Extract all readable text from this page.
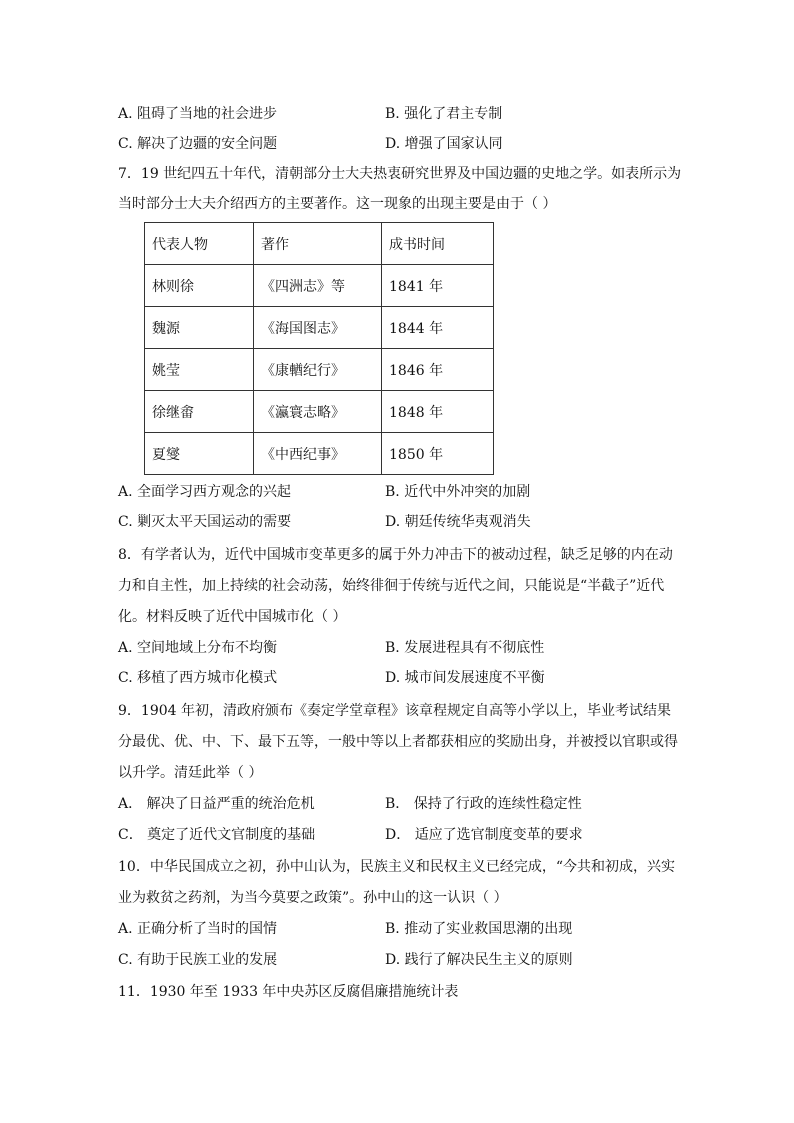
A. 阻碍了当地的社会进步	B. 强化了君主专制
C. 解决了边疆的安全问题	D. 增强了国家认同
7．19 世纪四五十年代，清朝部分士大夫热衷研究世界及中国边疆的史地之学。如表所示为
当时部分士大夫介绍西方的主要著作。这一现象的出现主要是由于（ ）
代表人物	著作	成书时间
林则徐	《四洲志》等	1841 年
魏源	《海国图志》	1844 年
姚莹	《康輶纪行》	1846 年
徐继畬	《瀛寰志略》	1848 年
夏燮	《中西纪事》	1850 年
A. 全面学习西方观念的兴起	B. 近代中外冲突的加剧
C. 剿灭太平天国运动的需要	D. 朝廷传统华夷观消失
8．有学者认为，近代中国城市变革更多的属于外力冲击下的被动过程，缺乏足够的内在动
力和自主性，加上持续的社会动荡，始终徘徊于传统与近代之间，只能说是“半截子”近代
化。材料反映了近代中国城市化（ ）
A. 空间地域上分布不均衡	B. 发展进程具有不彻底性
C. 移植了西方城市化模式	D. 城市间发展速度不平衡
9．1904 年初，清政府颁布《奏定学堂章程》该章程规定自高等小学以上，毕业考试结果
分最优、优、中、下、最下五等，一般中等以上者都获相应的奖励出身，并被授以官职或得
以升学。清廷此举（ ）
A． 解决了日益严重的统治危机	B． 保持了行政的连续性稳定性
C． 奠定了近代文官制度的基础	D． 适应了选官制度变革的要求
10．中华民国成立之初，孙中山认为，民族主义和民权主义已经完成，“今共和初成，兴实
业为救贫之药剂，为当今莫要之政策”。孙中山的这一认识（ ）
A. 正确分析了当时的国情	B. 推动了实业救国思潮的出现
C. 有助于民族工业的发展	D. 践行了解决民生主义的原则
11．1930 年至 1933 年中央苏区反腐倡廉措施统计表
